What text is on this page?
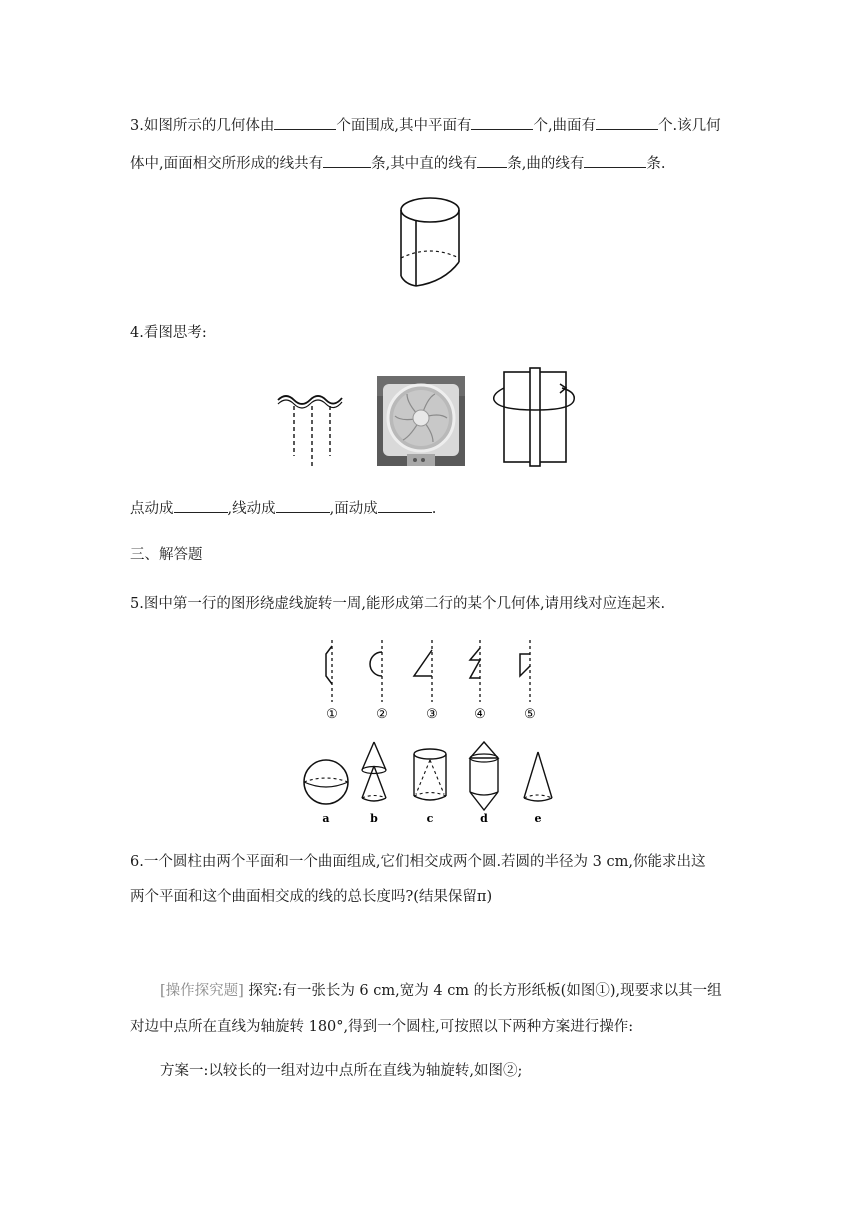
3.如图所示的几何体由	个面围成,其中平面有	个,曲面有	个.该几何
体中,面面相交所形成的线共有	条,其中直的线有 条,曲的线有	条.
4.看图思考:
点动成	,线动成	,面动成	.
三、解答题
5.图中第一行的图形绕虚线旋转一周,能形成第二行的某个几何体,请用线对应连起来.
①	②	③	④	⑤
a	b	c	d	e
6.一个圆柱由两个平面和一个曲面组成,它们相交成两个圆.若圆的半径为 3 cm,你能求出这
两个平面和这个曲面相交成的线的总长度吗?(结果保留π)
[操作探究题] 探究:有一张长为 6 cm,宽为 4 cm 的长方形纸板(如图①),现要求以其一组
对边中点所在直线为轴旋转 180°,得到一个圆柱,可按照以下两种方案进行操作:
方案一:以较长的一组对边中点所在直线为轴旋转,如图②;
